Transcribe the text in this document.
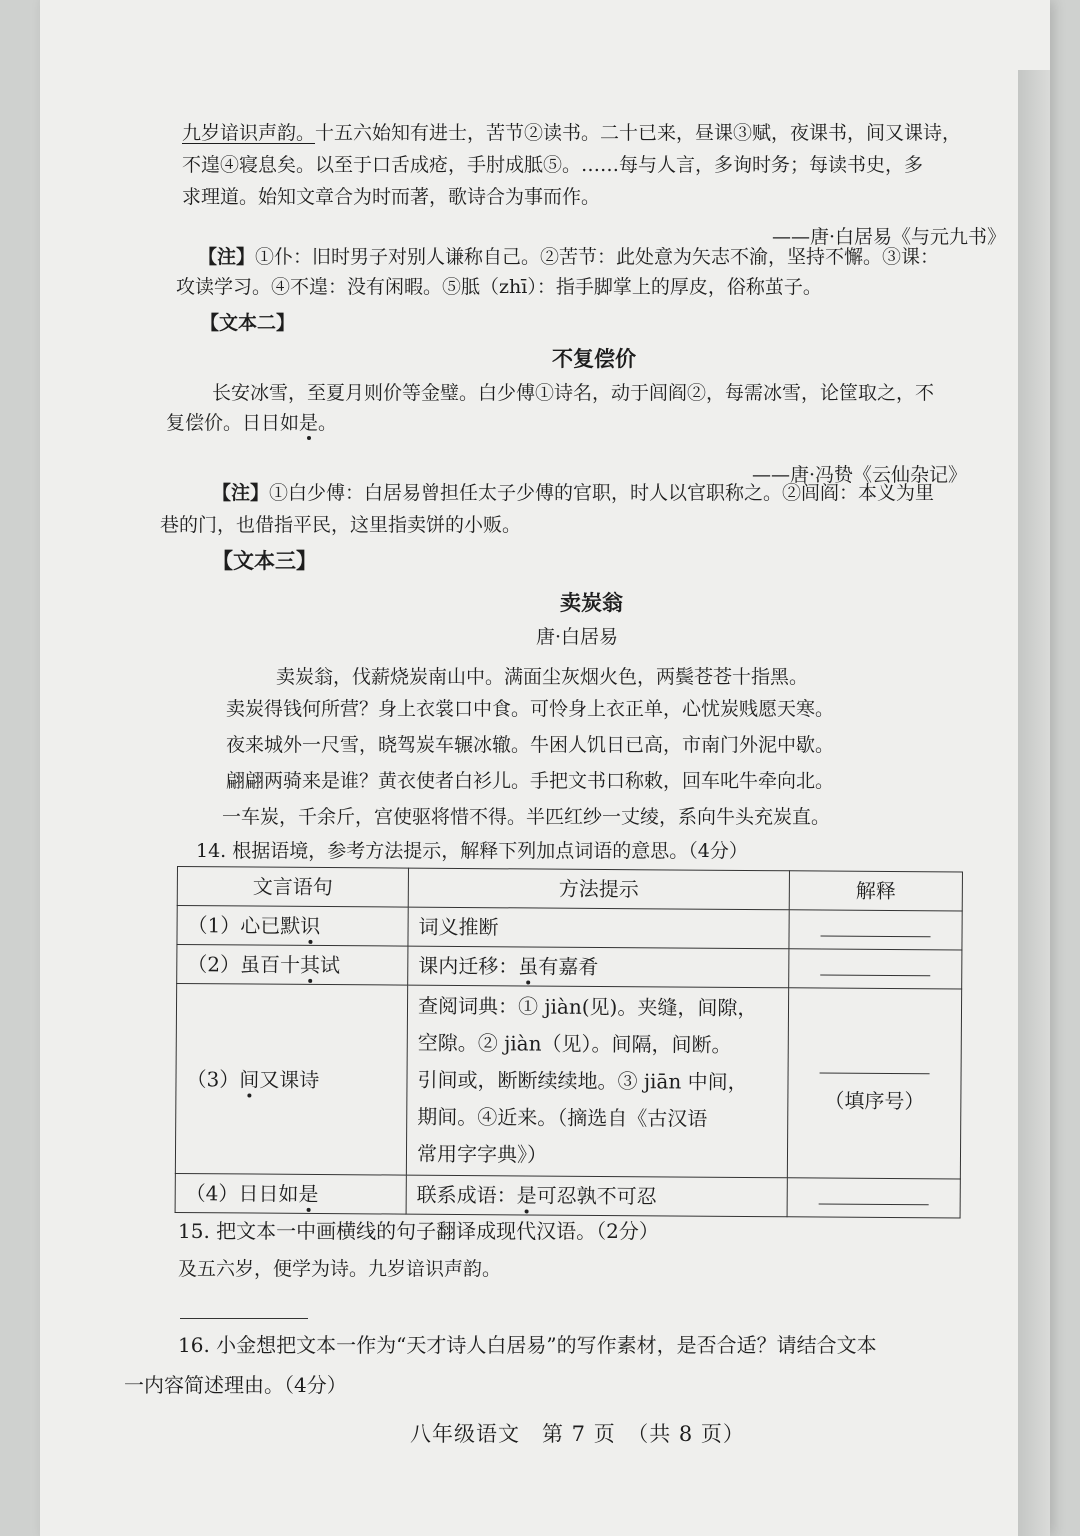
九岁谙识声韵。十五六始知有进士，苦节②读书。二十已来，昼课③赋，夜课书，间又课诗，
不遑④寝息矣。以至于口舌成疮，手肘成胝⑤。……每与人言，多询时务；每读书史，多
求理道。始知文章合为时而著，歌诗合为事而作。
——唐·白居易《与元九书》
【注】①仆：旧时男子对别人谦称自己。②苦节：此处意为矢志不渝，坚持不懈。③课：
攻读学习。④不遑：没有闲暇。⑤胝（zhī）：指手脚掌上的厚皮，俗称茧子。
【文本二】
不复偿价
长安冰雪，至夏月则价等金璧。白少傅①诗名，动于闾阎②，每需冰雪，论筐取之，不
复偿价。日日如是。
——唐·冯贽《云仙杂记》
【注】①白少傅：白居易曾担任太子少傅的官职，时人以官职称之。②闾阎：本义为里
巷的门，也借指平民，这里指卖饼的小贩。
【文本三】
卖炭翁
唐·白居易
卖炭翁，伐薪烧炭南山中。满面尘灰烟火色，两鬓苍苍十指黑。
卖炭得钱何所营？身上衣裳口中食。可怜身上衣正单，心忧炭贱愿天寒。
夜来城外一尺雪，晓驾炭车辗冰辙。牛困人饥日已高，市南门外泥中歇。
翩翩两骑来是谁？黄衣使者白衫儿。手把文书口称敕，回车叱牛牵向北。
一车炭，千余斤，宫使驱将惜不得。半匹红纱一丈绫，系向牛头充炭直。
14. 根据语境，参考方法提示，解释下列加点词语的意思。（4分）
文言语句	方法提示	解释
（1）心已默识	词义推断	
（2）虽百十其试	课内迁移：虽有嘉肴	
（3）间又课诗	查阅词典：① jiàn(见)。夹缝，间隙，
空隙。② jiàn（见）。间隔，间断。
引间或，断断续续地。③ jiān 中间，
期间。④近来。（摘选自《古汉语
常用字字典》）	（填序号）

（4）日日如是	联系成语：是可忍孰不可忍	
15. 把文本一中画横线的句子翻译成现代汉语。（2分）
及五六岁，便学为诗。九岁谙识声韵。
16. 小金想把文本一作为“天才诗人白居易”的写作素材，是否合适？请结合文本
一内容简述理由。（4分）
八年级语文　第 7 页　（共 8 页）
